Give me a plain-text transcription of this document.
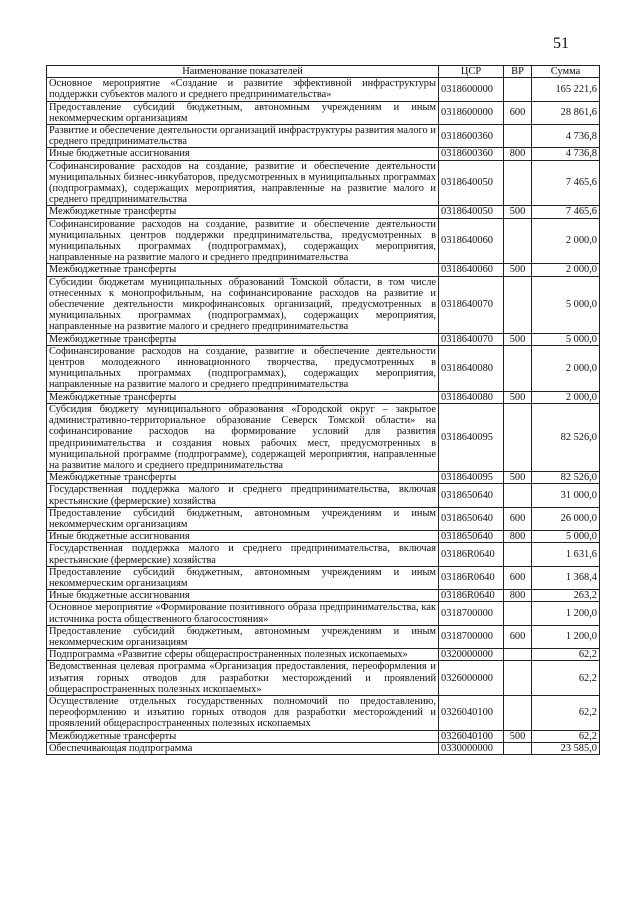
51
Наименование показателей	ЦСР	ВР	Сумма
Основное мероприятие «Создание и развитие эффективной инфраструктуры поддержки субъектов малого и среднего предпринимательства»	0318600000		165 221,6
Предоставление субсидий бюджетным, автономным учреждениям и иным некоммерческим организациям	0318600000	600	28 861,6
Развитие и обеспечение деятельности организаций инфраструктуры развития малого и среднего предпринимательства	0318600360		4 736,8
Иные бюджетные ассигнования	0318600360	800	4 736,8
Софинансирование расходов на создание, развитие и обеспечение деятельности муниципальных бизнес-инкубаторов, предусмотренных в муниципальных программах (подпрограммах), содержащих мероприятия, направленные на развитие малого и среднего предпринимательства	0318640050		7 465,6
Межбюджетные трансферты	0318640050	500	7 465,6
Софинансирование расходов на создание, развитие и обеспечение деятельности муниципальных центров поддержки предпринимательства, предусмотренных в муниципальных программах (подпрограммах), содержащих мероприятия, направленные на развитие малого и среднего предпринимательства	0318640060		2 000,0
Межбюджетные трансферты	0318640060	500	2 000,0
Субсидии бюджетам муниципальных образований Томской области, в том числе отнесенных к монопрофильным, на софинансирование расходов на развитие и обеспечение деятельности микрофинансовых организаций, предусмотренных в муниципальных программах (подпрограммах), содержащих мероприятия, направленные на развитие малого и среднего предпринимательства	0318640070		5 000,0
Межбюджетные трансферты	0318640070	500	5 000,0
Софинансирование расходов на создание, развитие и обеспечение деятельности центров молодежного инновационного творчества, предусмотренных в муниципальных программах (подпрограммах), содержащих мероприятия, направленные на развитие малого и среднего предпринимательства	0318640080		2 000,0
Межбюджетные трансферты	0318640080	500	2 000,0
Субсидия бюджету муниципального образования «Городской округ – закрытое административно-территориальное образование Северск Томской области» на софинансирование расходов на формирование условий для развития предпринимательства и создания новых рабочих мест, предусмотренных в муниципальной программе (подпрограмме), содержащей мероприятия, направленные на развитие малого и среднего предпринимательства	0318640095		82 526,0
Межбюджетные трансферты	0318640095	500	82 526,0
Государственная поддержка малого и среднего предпринимательства, включая крестьянские (фермерские) хозяйства	0318650640		31 000,0
Предоставление субсидий бюджетным, автономным учреждениям и иным некоммерческим организациям	0318650640	600	26 000,0
Иные бюджетные ассигнования	0318650640	800	5 000,0
Государственная поддержка малого и среднего предпринимательства, включая крестьянские (фермерские) хозяйства	03186R0640		1 631,6
Предоставление субсидий бюджетным, автономным учреждениям и иным некоммерческим организациям	03186R0640	600	1 368,4
Иные бюджетные ассигнования	03186R0640	800	263,2
Основное мероприятие «Формирование позитивного образа предпринимательства, как источника роста общественного благосостояния»	0318700000		1 200,0
Предоставление субсидий бюджетным, автономным учреждениям и иным некоммерческим организациям	0318700000	600	1 200,0
Подпрограмма «Развитие сферы общераспространенных полезных ископаемых»	0320000000		62,2
Ведомственная целевая программа «Организация предоставления, переоформления и изъятия горных отводов для разработки месторождений и проявлений общераспространенных полезных ископаемых»	0326000000		62,2
Осуществление отдельных государственных полномочий по предоставлению, переоформлению и изъятию горных отводов для разработки месторождений и проявлений общераспространенных полезных ископаемых	0326040100		62,2
Межбюджетные трансферты	0326040100	500	62,2
Обеспечивающая подпрограмма	0330000000		23 585,0
